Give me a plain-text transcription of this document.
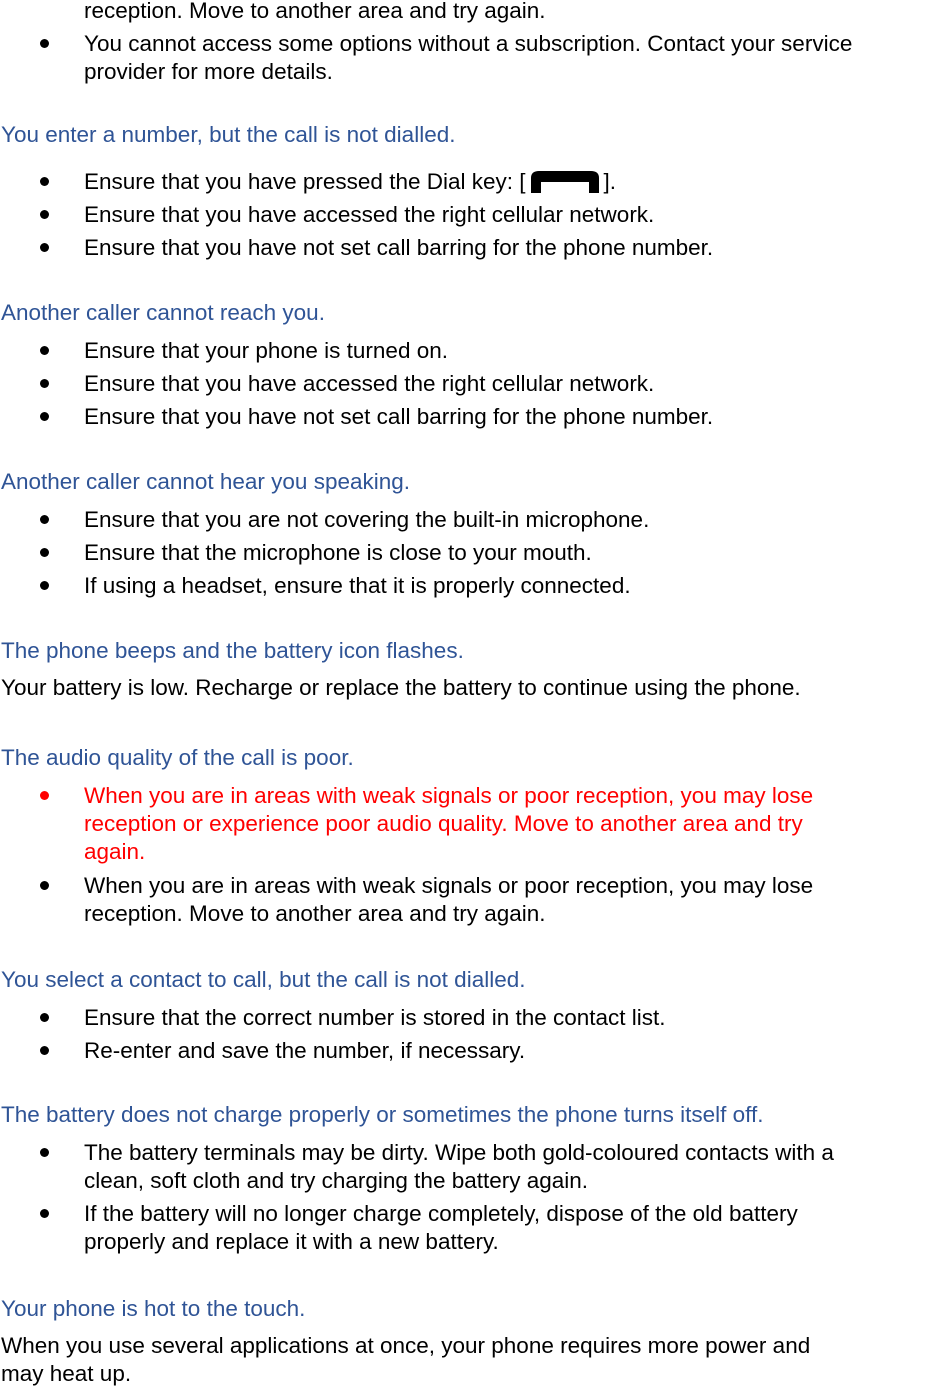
reception. Move to another area and try again.
You cannot access some options without a subscription. Contact your service
provider for more details.
You enter a number, but the call is not dialled.
Ensure that you have pressed the Dial key: [	].
Ensure that you have accessed the right cellular network.
Ensure that you have not set call barring for the phone number.
Another caller cannot reach you.
Ensure that your phone is turned on.
Ensure that you have accessed the right cellular network.
Ensure that you have not set call barring for the phone number.
Another caller cannot hear you speaking.
Ensure that you are not covering the built-in microphone.
Ensure that the microphone is close to your mouth.
If using a headset, ensure that it is properly connected.
The phone beeps and the battery icon flashes.
Your battery is low. Recharge or replace the battery to continue using the phone.
The audio quality of the call is poor.
When you are in areas with weak signals or poor reception, you may lose
reception or experience poor audio quality. Move to another area and try
again.
When you are in areas with weak signals or poor reception, you may lose
reception. Move to another area and try again.
You select a contact to call, but the call is not dialled.
Ensure that the correct number is stored in the contact list.
Re-enter and save the number, if necessary.
The battery does not charge properly or sometimes the phone turns itself off.
The battery terminals may be dirty. Wipe both gold-coloured contacts with a
clean, soft cloth and try charging the battery again.
If the battery will no longer charge completely, dispose of the old battery
properly and replace it with a new battery.
Your phone is hot to the touch.
When you use several applications at once, your phone requires more power and
may heat up.
